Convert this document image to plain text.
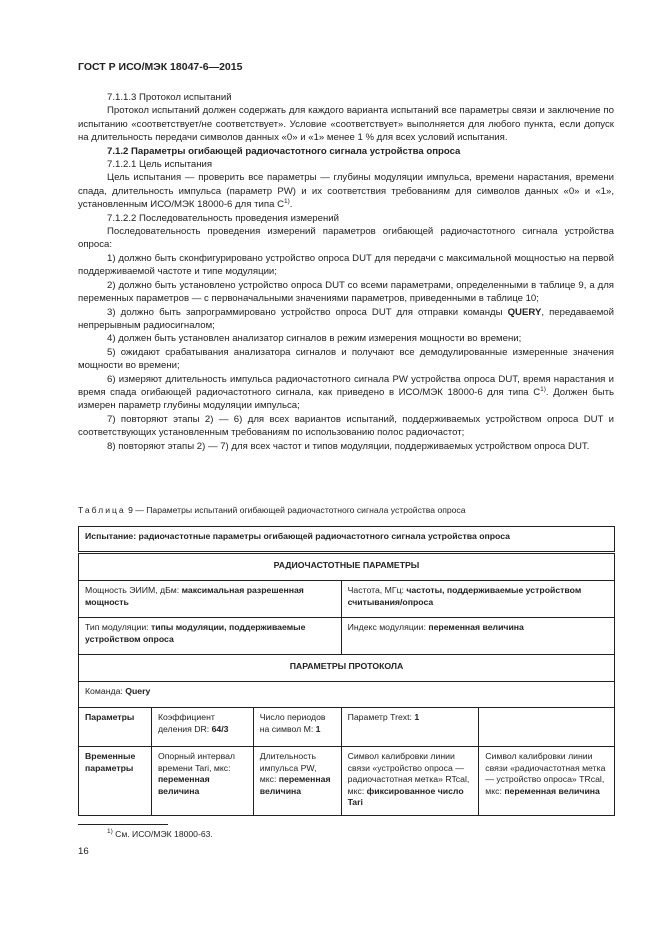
ГОСТ Р ИСО/МЭК 18047-6—2015

7.1.1.3 Протокол испытаний

Протокол испытаний должен содержать для каждого варианта испытаний все параметры связи и заключение по испытанию «соответствует/не соответствует». Условие «соответствует» выполняется для любого пункта, если допуск на длительность передачи символов данных «0» и «1» менее 1 % для всех условий испытания.

7.1.2 Параметры огибающей радиочастотного сигнала устройства опроса

7.1.2.1 Цель испытания

Цель испытания — проверить все параметры — глубины модуляции импульса, времени нарастания, времени спада, длительность импульса (параметр PW) и их соответствия требованиям для символов данных «0» и «1», установленным ИСО/МЭК 18000-6 для типа $С^{1)}$.

7.1.2.2 Последовательность проведения измерений

Последовательность проведения измерений параметров огибающей радиочастотного сигнала устройства опроса:

1) должно быть сконфигурировано устройство опроса DUT для передачи с максимальной мощностью на первой поддерживаемой частоте и типе модуляции;

2) должно быть установлено устройство опроса DUT со всеми параметрами, определенными в таблице 9, а для переменных параметров — с первоначальными значениями параметров, приведенными в таблице 10;

3) должно быть запрограммировано устройство опроса DUT для отправки команды QUERY, передаваемой непрерывным радиосигналом;

4) должен быть установлен анализатор сигналов в режим измерения мощности во времени;

5) ожидают срабатывания анализатора сигналов и получают все демодулированные измеренные значения мощности во времени;

6) измеряют длительность импульса радиочастотного сигнала PW устройства опроса DUT, время нарастания и время спада огибающей радиочастотного сигнала, как приведено в ИСО/МЭК 18000-6 для типа $С^{1)}$. Должен быть измерен параметр глубины модуляции импульса;

7) повторяют этапы 2) — 6) для всех вариантов испытаний, поддерживаемых устройством опроса DUT и соответствующих установленным требованиям по использованию полос радиочастот;

8) повторяют этапы 2) — 7) для всех частот и типов модуляции, поддерживаемых устройством опроса DUT.

Таблица 9 — Параметры испытаний огибающей радиочастотного сигнала устройства опроса
Испытание: радиочастотные параметры огибающей радиочастотного сигнала устройства опроса				
РАДИОЧАСТОТНЫЕ ПАРАМЕТРЫ				
Мощность ЭИИМ, дБм: максимальная разрешенная мощность			Частота, МГц: частоты, поддерживаемые устройством считывания/опроса	
Тип модуляции: типы модуляции, поддерживаемые устройством опроса			Индекс модуляции: переменная величина	
ПАРАМЕТРЫ ПРОТОКОЛА				
Команда: Query				
Параметры	Коэффициент деления DR: 64/3	Число периодов на символ M: 1	Параметр Trext: 1	
Временные параметры	Опорный интервал времени Tari, мкс: переменная величина	Длительность импульса PW, мкс: переменная величина	Символ калибровки линии связи «устройство опроса — радиочастотная метка» RTcal, мкс: фиксированное число Tari	Символ калибровки линии связи «радиочастотная метка — устройство опроса» TRcal, мкс: переменная величина
$^{1)}$ См. ИСО/МЭК 18000-63.
16
